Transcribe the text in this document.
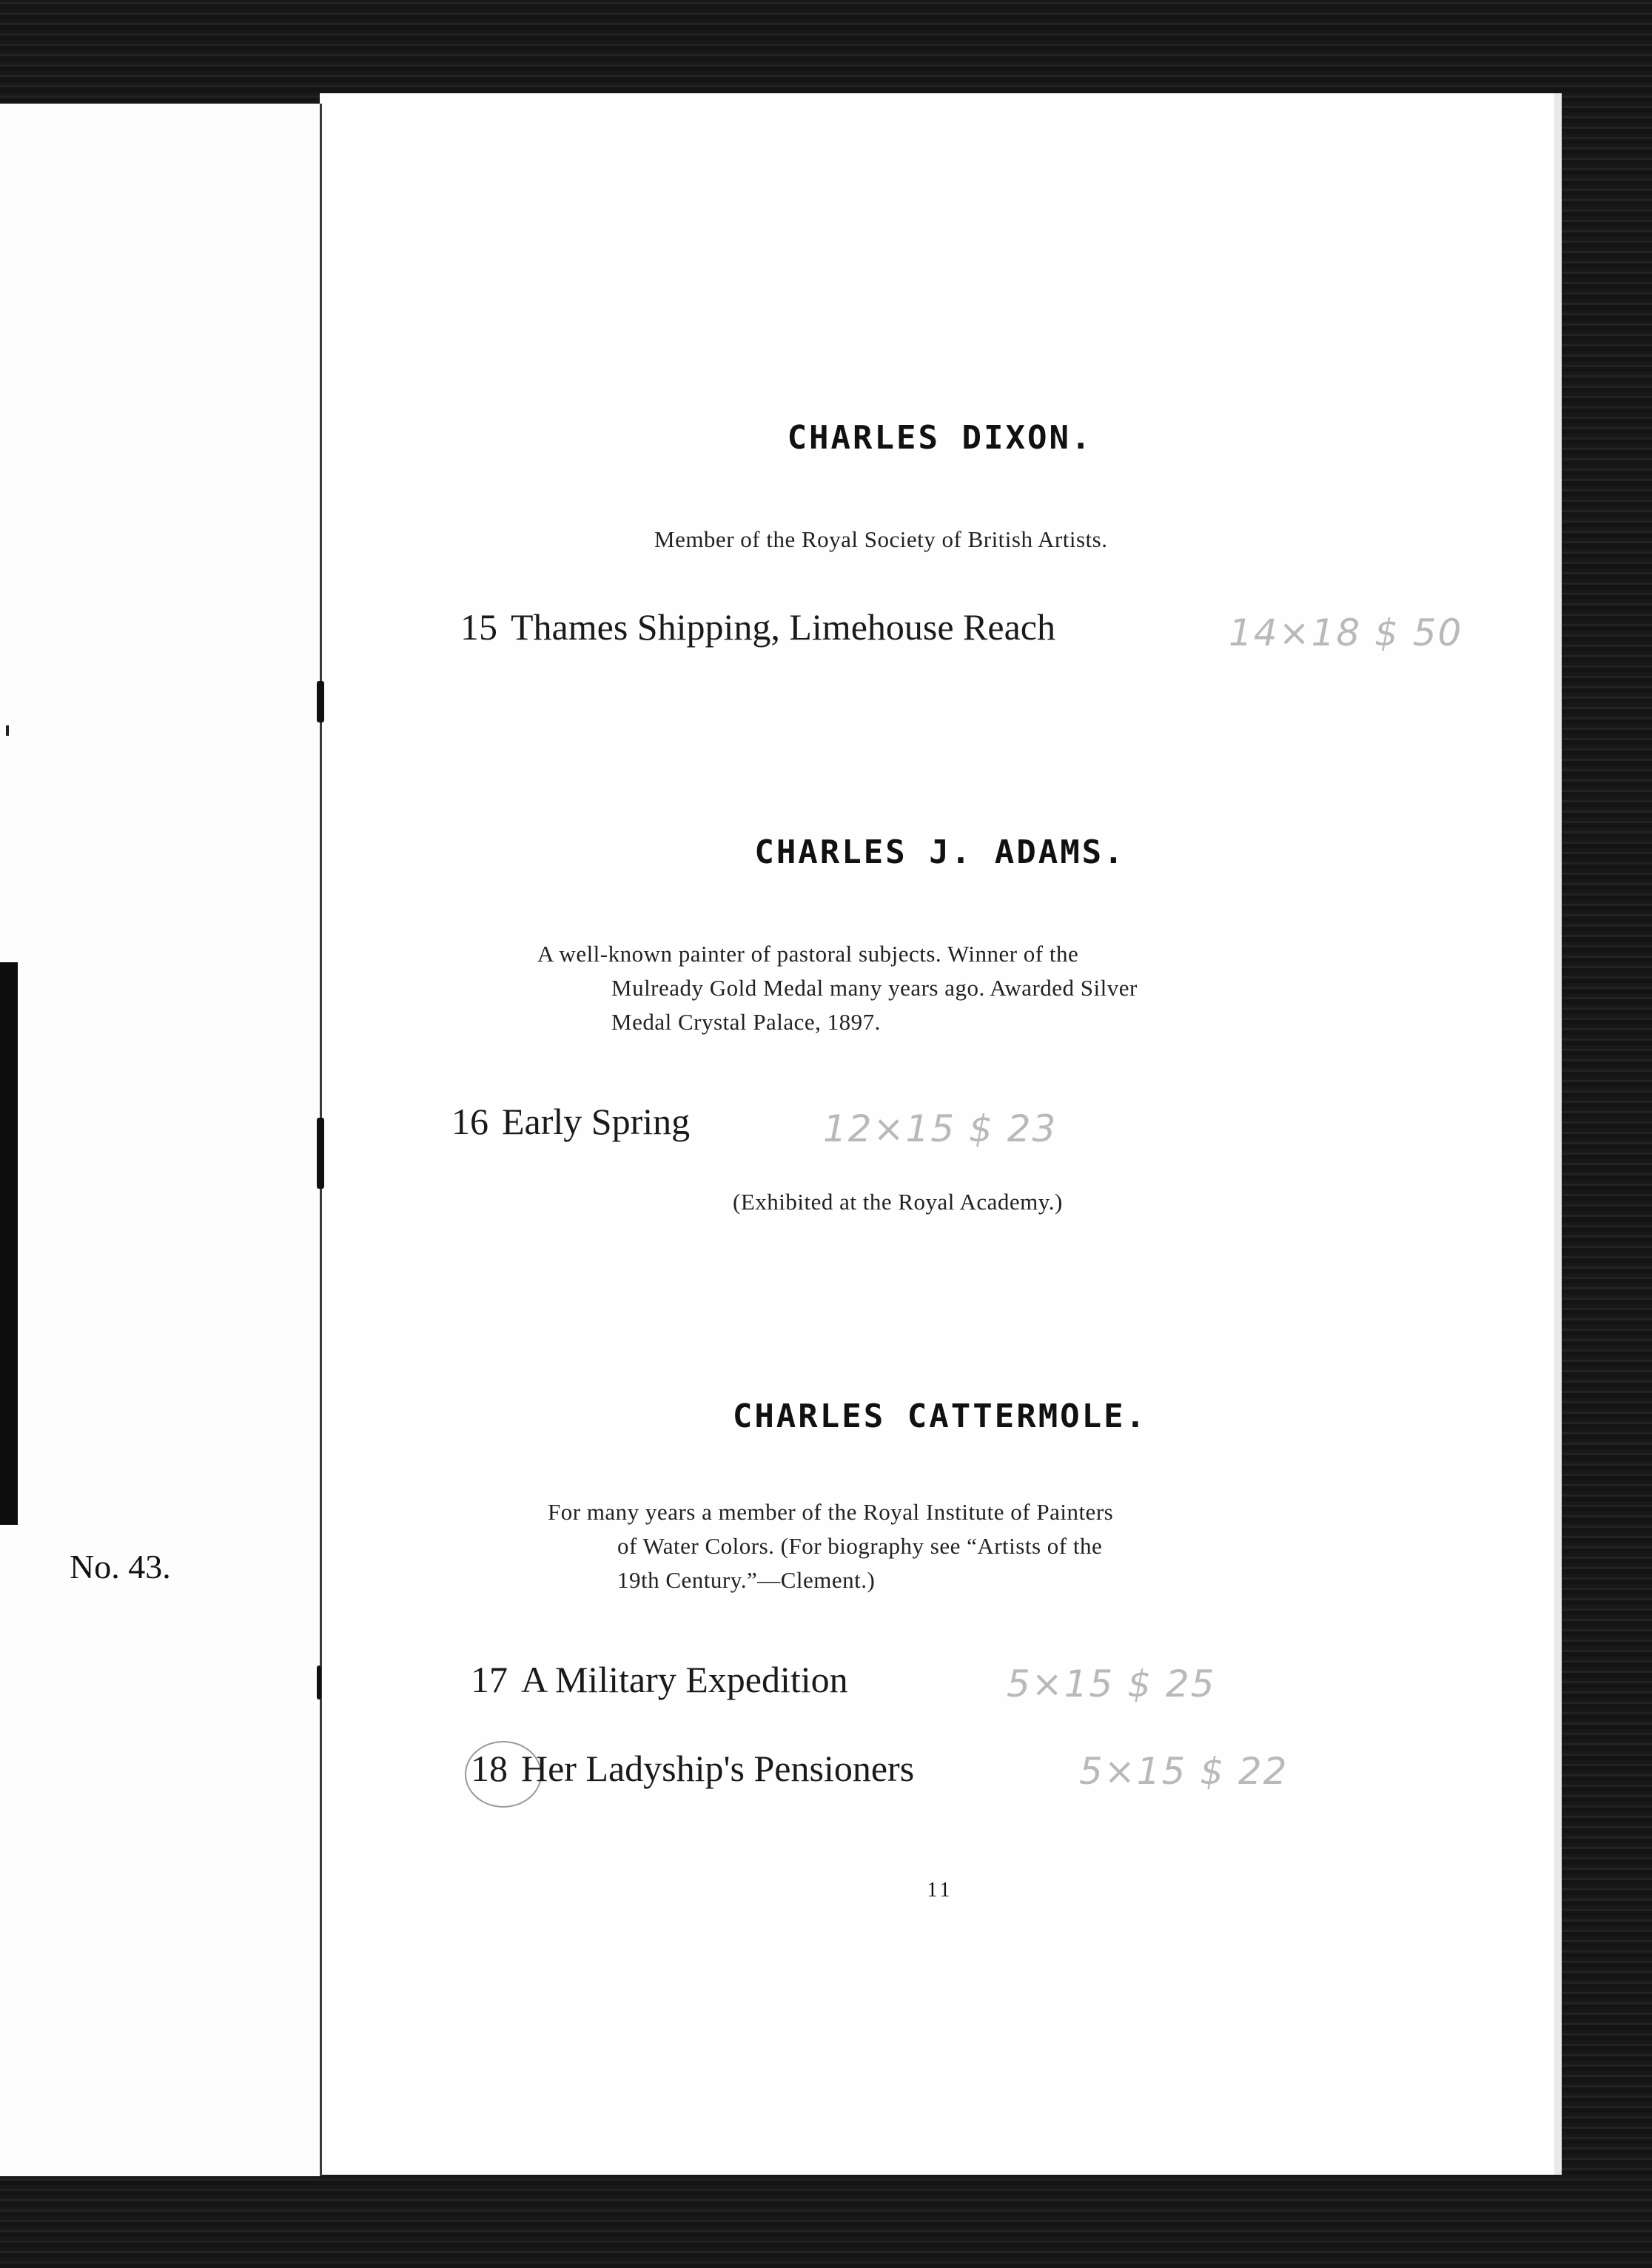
No. 43.
CHARLES DIXON.
Member of the Royal Society of British Artists.
15 Thames Shipping, Limehouse Reach	14×18 $ 50
CHARLES J. ADAMS.
A well-known painter of pastoral subjects. Winner of the
Mulready Gold Medal many years ago. Awarded Silver
Medal Crystal Palace, 1897.
16 Early Spring	12×15 $ 23
(Exhibited at the Royal Academy.)
CHARLES CATTERMOLE.
For many years a member of the Royal Institute of Painters
of Water Colors. (For biography see “Artists of the
19th Century.”—Clement.)
17 A Military Expedition	5×15 $ 25
18 Her Ladyship's Pensioners	5×15 $ 22
11
